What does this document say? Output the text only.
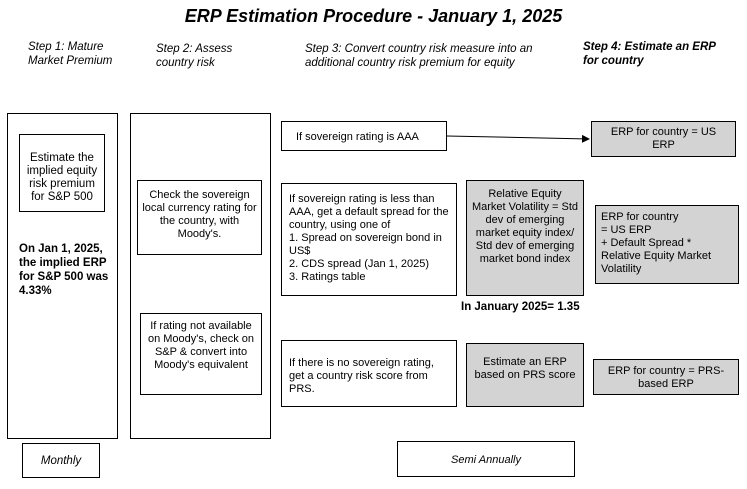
ERP Estimation Procedure - January 1, 2025
Step 1: Mature Market Premium
Step 2: Assess country risk
Step 3: Convert country risk measure into an additional country risk premium for equity
Step 4: Estimate an ERP for country
Estimate the implied equity risk premium for S&P 500
On Jan 1, 2025, the implied ERP for S&P 500 was 4.33%
Monthly
Check the sovereign local currency rating for the country, with Moody's.
If rating not available on Moody's, check on S&P & convert into Moody's equivalent
If sovereign rating is AAA
If sovereign rating is less than AAA, get a default spread for the country, using one of
1. Spread on sovereign bond in US$
2. CDS spread (Jan 1, 2025)
3. Ratings table
Relative Equity Market Volatility = Std dev of emerging market equity index/ Std dev of emerging market bond index
In January 2025= 1.35
If there is no sovereign rating, get a country risk score from PRS.
Estimate an ERP based on PRS score
Semi Annually
ERP for country = US ERP
ERP for country
= US ERP
+ Default Spread *
Relative Equity Market Volatility
ERP for country = PRS-based ERP
